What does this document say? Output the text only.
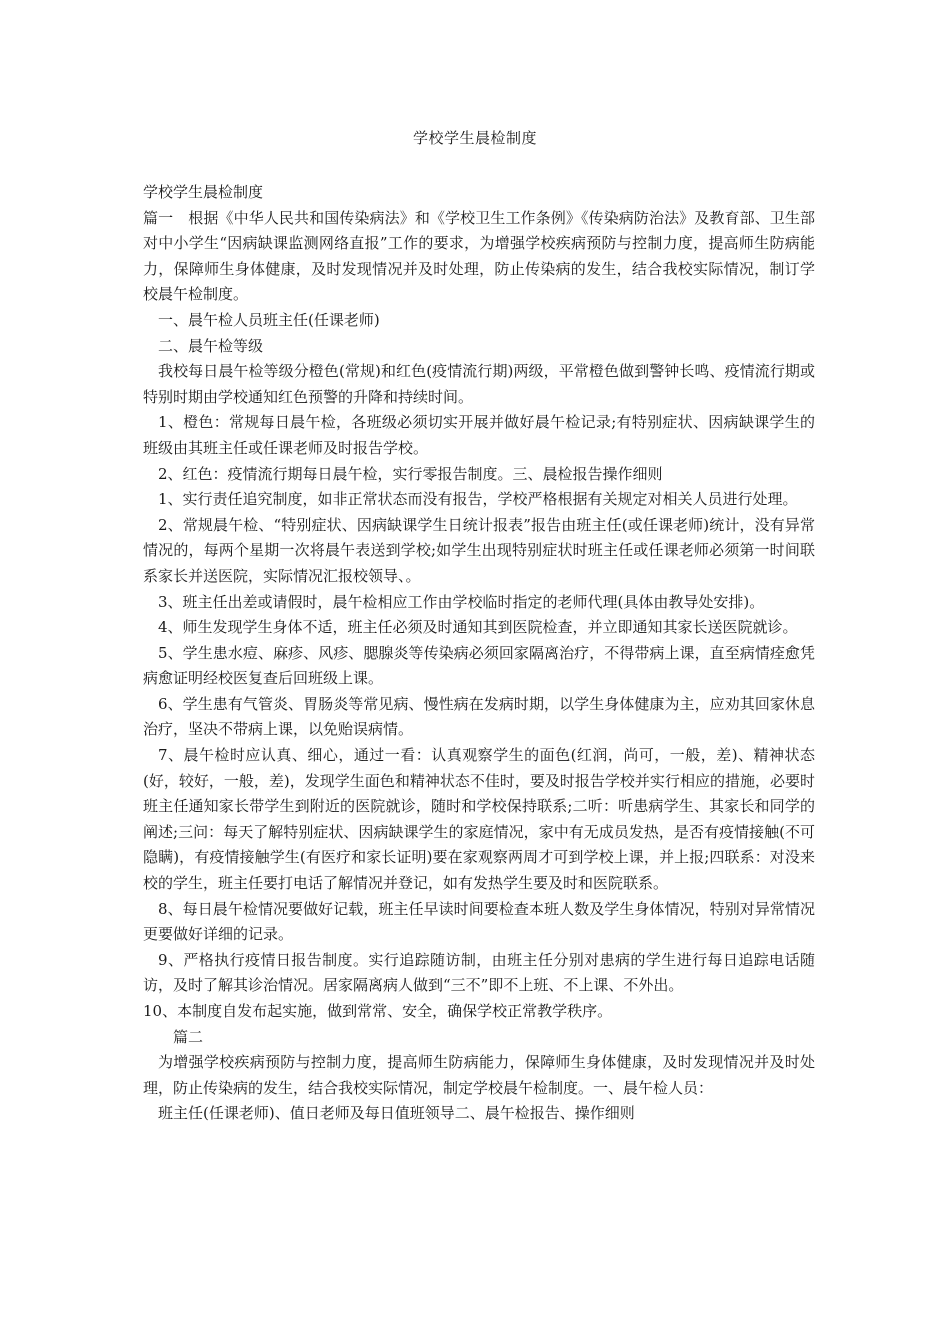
学校学生晨检制度

学校学生晨检制度

篇一　根据《中华人民共和国传染病法》和《学校卫生工作条例》《传染病防治法》及教育部、卫生部对中小学生“因病缺课监测网络直报”工作的要求，为增强学校疾病预防与控制力度，提高师生防病能力，保障师生身体健康，及时发现情况并及时处理，防止传染病的发生，结合我校实际情况，制订学校晨午检制度。

一、晨午检人员班主任(任课老师)

二、晨午检等级

我校每日晨午检等级分橙色(常规)和红色(疫情流行期)两级，平常橙色做到警钟长鸣、疫情流行期或特别时期由学校通知红色预警的升降和持续时间。

1、橙色：常规每日晨午检，各班级必须切实开展并做好晨午检记录;有特别症状、因病缺课学生的班级由其班主任或任课老师及时报告学校。

2、红色：疫情流行期每日晨午检，实行零报告制度。三、晨检报告操作细则

1、实行责任追究制度，如非正常状态而没有报告，学校严格根据有关规定对相关人员进行处理。

2、常规晨午检、“特别症状、因病缺课学生日统计报表”报告由班主任(或任课老师)统计，没有异常情况的，每两个星期一次将晨午表送到学校;如学生出现特别症状时班主任或任课老师必须第一时间联系家长并送医院，实际情况汇报校领导、。

3、班主任出差或请假时，晨午检相应工作由学校临时指定的老师代理(具体由教导处安排)。

4、师生发现学生身体不适，班主任必须及时通知其到医院检查，并立即通知其家长送医院就诊。

5、学生患水痘、麻疹、风疹、腮腺炎等传染病必须回家隔离治疗，不得带病上课，直至病情痊愈凭病愈证明经校医复查后回班级上课。

6、学生患有气管炎、胃肠炎等常见病、慢性病在发病时期，以学生身体健康为主，应劝其回家休息治疗，坚决不带病上课，以免贻误病情。

7、晨午检时应认真、细心，通过一看：认真观察学生的面色(红润，尚可，一般，差)、精神状态(好，较好，一般，差)，发现学生面色和精神状态不佳时，要及时报告学校并实行相应的措施，必要时班主任通知家长带学生到附近的医院就诊，随时和学校保持联系;二听：听患病学生、其家长和同学的阐述;三问：每天了解特别症状、因病缺课学生的家庭情况，家中有无成员发热，是否有疫情接触(不可隐瞒)，有疫情接触学生(有医疗和家长证明)要在家观察两周才可到学校上课，并上报;四联系：对没来校的学生，班主任要打电话了解情况并登记，如有发热学生要及时和医院联系。

8、每日晨午检情况要做好记载，班主任早读时间要检查本班人数及学生身体情况，特别对异常情况更要做好详细的记录。

9、严格执行疫情日报告制度。实行追踪随访制，由班主任分别对患病的学生进行每日追踪电话随访，及时了解其诊治情况。居家隔离病人做到“三不”即不上班、不上课、不外出。

10、本制度自发布起实施，做到常常、安全，确保学校正常教学秩序。

篇二

为增强学校疾病预防与控制力度，提高师生防病能力，保障师生身体健康，及时发现情况并及时处理，防止传染病的发生，结合我校实际情况，制定学校晨午检制度。一、晨午检人员：

班主任(任课老师)、值日老师及每日值班领导二、晨午检报告、操作细则
